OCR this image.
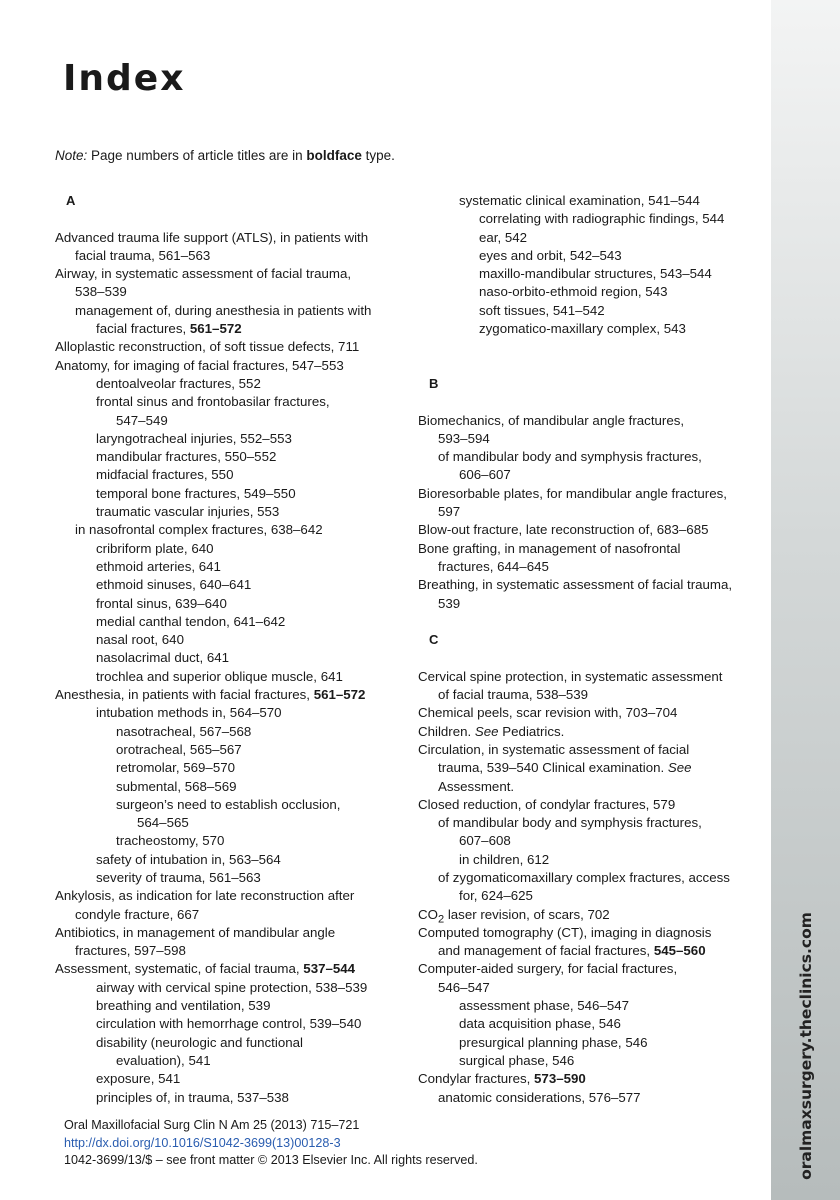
oralmaxsurgery.theclinics.com
Index
Note: Page numbers of article titles are in boldface type.
A
Advanced trauma life support (ATLS), in patients with
facial trauma, 561–563
Airway, in systematic assessment of facial trauma,
538–539
management of, during anesthesia in patients with
facial fractures, 561–572
Alloplastic reconstruction, of soft tissue defects, 711
Anatomy, for imaging of facial fractures, 547–553
dentoalveolar fractures, 552
frontal sinus and frontobasilar fractures,
547–549
laryngotracheal injuries, 552–553
mandibular fractures, 550–552
midfacial fractures, 550
temporal bone fractures, 549–550
traumatic vascular injuries, 553
in nasofrontal complex fractures, 638–642
cribriform plate, 640
ethmoid arteries, 641
ethmoid sinuses, 640–641
frontal sinus, 639–640
medial canthal tendon, 641–642
nasal root, 640
nasolacrimal duct, 641
trochlea and superior oblique muscle, 641
Anesthesia, in patients with facial fractures, 561–572
intubation methods in, 564–570
nasotracheal, 567–568
orotracheal, 565–567
retromolar, 569–570
submental, 568–569
surgeon’s need to establish occlusion,
564–565
tracheostomy, 570
safety of intubation in, 563–564
severity of trauma, 561–563
Ankylosis, as indication for late reconstruction after
condyle fracture, 667
Antibiotics, in management of mandibular angle
fractures, 597–598
Assessment, systematic, of facial trauma, 537–544
airway with cervical spine protection, 538–539
breathing and ventilation, 539
circulation with hemorrhage control, 539–540
disability (neurologic and functional
evaluation), 541
exposure, 541
principles of, in trauma, 537–538
systematic clinical examination, 541–544
correlating with radiographic findings, 544
ear, 542
eyes and orbit, 542–543
maxillo-mandibular structures, 543–544
naso-orbito-ethmoid region, 543
soft tissues, 541–542
zygomatico-maxillary complex, 543
B
Biomechanics, of mandibular angle fractures,
593–594
of mandibular body and symphysis fractures,
606–607
Bioresorbable plates, for mandibular angle fractures,
597
Blow-out fracture, late reconstruction of, 683–685
Bone grafting, in management of nasofrontal
fractures, 644–645
Breathing, in systematic assessment of facial trauma,
539
C
Cervical spine protection, in systematic assessment
of facial trauma, 538–539
Chemical peels, scar revision with, 703–704
Children. See Pediatrics.
Circulation, in systematic assessment of facial
trauma, 539–540 Clinical examination. See
Assessment.
Closed reduction, of condylar fractures, 579
of mandibular body and symphysis fractures,
607–608
in children, 612
of zygomaticomaxillary complex fractures, access
for, 624–625
$CO_2$ laser revision, of scars, 702
Computed tomography (CT), imaging in diagnosis
and management of facial fractures, 545–560
Computer-aided surgery, for facial fractures,
546–547
assessment phase, 546–547
data acquisition phase, 546
presurgical planning phase, 546
surgical phase, 546
Condylar fractures, 573–590
anatomic considerations, 576–577
Oral Maxillofacial Surg Clin N Am 25 (2013) 715–721
http://dx.doi.org/10.1016/S1042-3699(13)00128-3
1042-3699/13/$ – see front matter © 2013 Elsevier Inc. All rights reserved.
